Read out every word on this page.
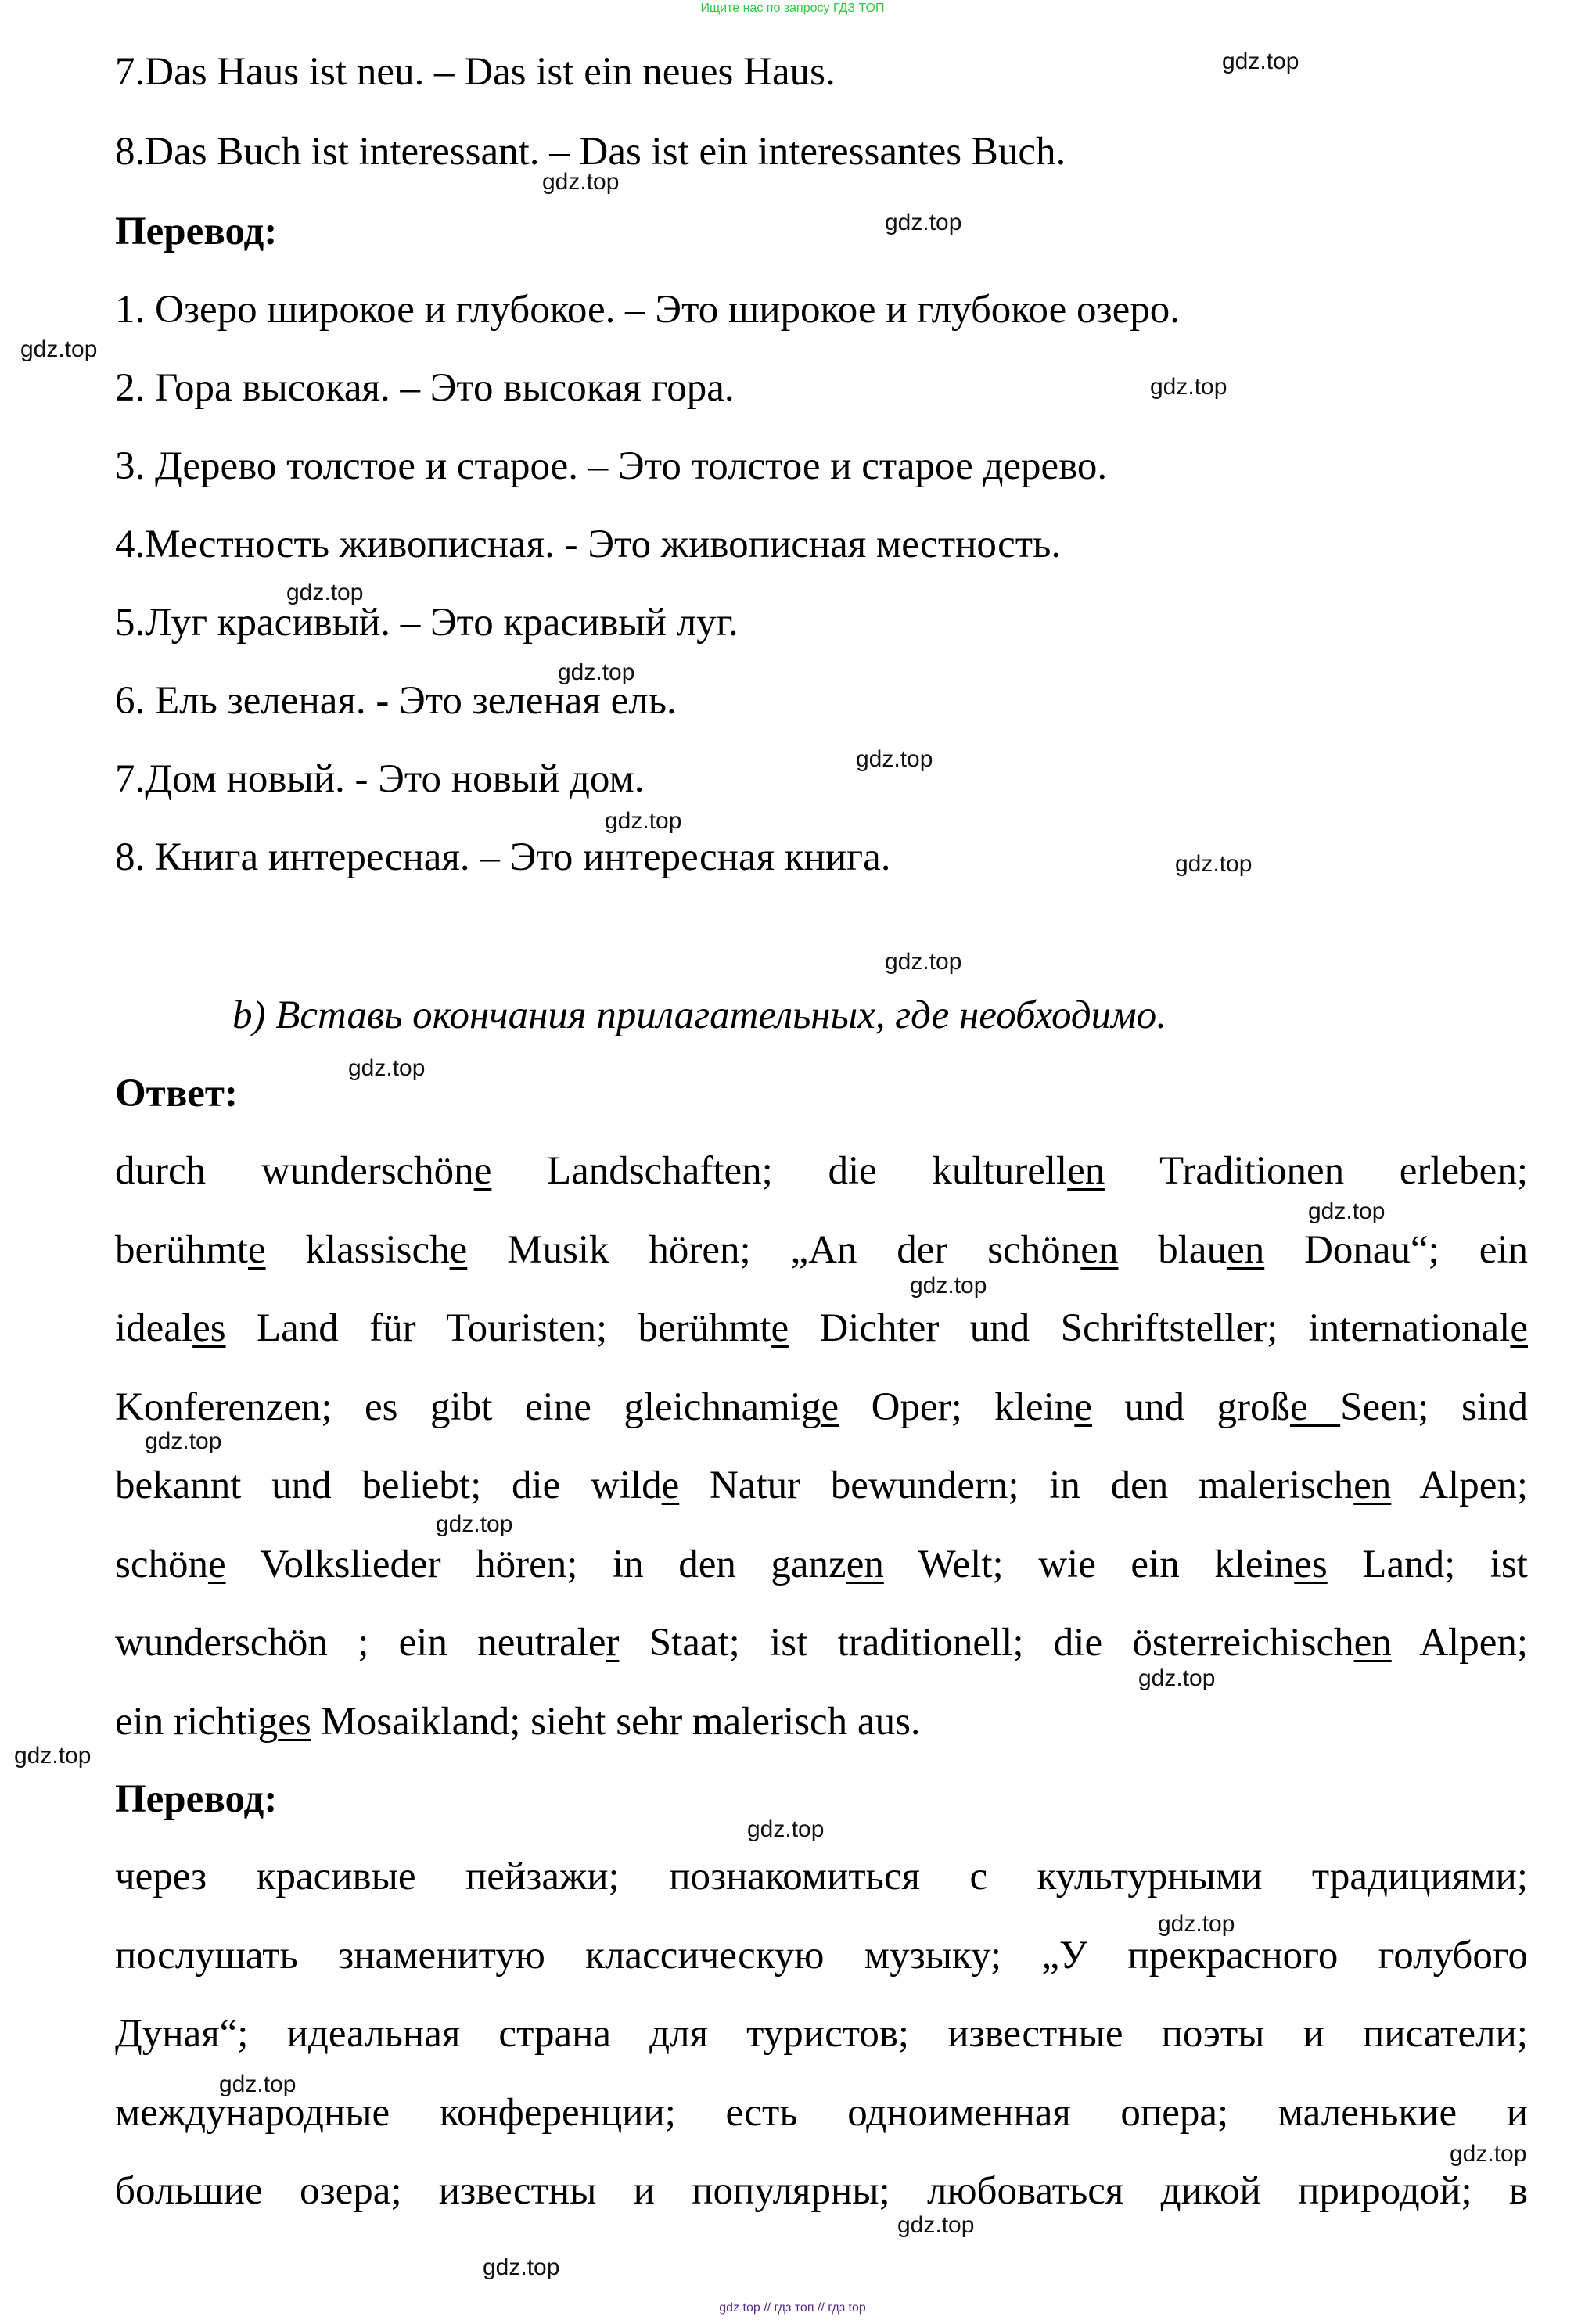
Ищите нас по запросу ГДЗ ТОП
7.Das Haus ist neu. – Das ist ein neues Haus.
8.Das Buch ist interessant. – Das ist ein interessantes Buch.
Перевод:
1. Озеро широкое и глубокое. – Это широкое и глубокое озеро.
2. Гора высокая. – Это высокая гора.
3. Дерево толстое и старое. – Это толстое и старое дерево.
4.Местность живописная. - Это живописная местность.
5.Луг красивый. – Это красивый луг.
6. Ель зеленая. - Это зеленая ель.
7.Дом новый. - Это новый дом.
8. Книга интересная. – Это интересная книга.
b) Вставь окончания прилагательных, где необходимо.
Ответ:
durch wunderschöne Landschaften; die kulturellen Traditionen erleben;
berühmte klassische Musik hören; „An der schönen blauen Donau“; ein
ideales Land für Touristen; berühmte Dichter und Schriftsteller; internationale
Konferenzen; es gibt eine gleichnamige Oper; kleine und große Seen; sind
bekannt und beliebt; die wilde Natur bewundern; in den malerischen Alpen;
schöne Volkslieder hören; in den ganzen Welt; wie ein kleines Land; ist
wunderschön ; ein neutraler Staat; ist traditionell; die österreichischen Alpen;
ein richtiges Mosaikland; sieht sehr malerisch aus.
Перевод:
через красивые пейзажи; познакомиться с культурными традициями;
послушать знаменитую классическую музыку; „У прекрасного голубого
Дуная“; идеальная страна для туристов; известные поэты и писатели;
международные конференции; есть одноименная опера; маленькие и
большие озера; известны и популярны; любоваться дикой природой; в
gdz.top
gdz.top
gdz.top
gdz.top
gdz.top
gdz.top
gdz.top
gdz.top
gdz.top
gdz.top
gdz.top
gdz.top
gdz.top
gdz.top
gdz.top
gdz.top
gdz.top
gdz.top
gdz.top
gdz.top
gdz.top
gdz.top
gdz.top
gdz.top
gdz top // гдз топ // гдз top
